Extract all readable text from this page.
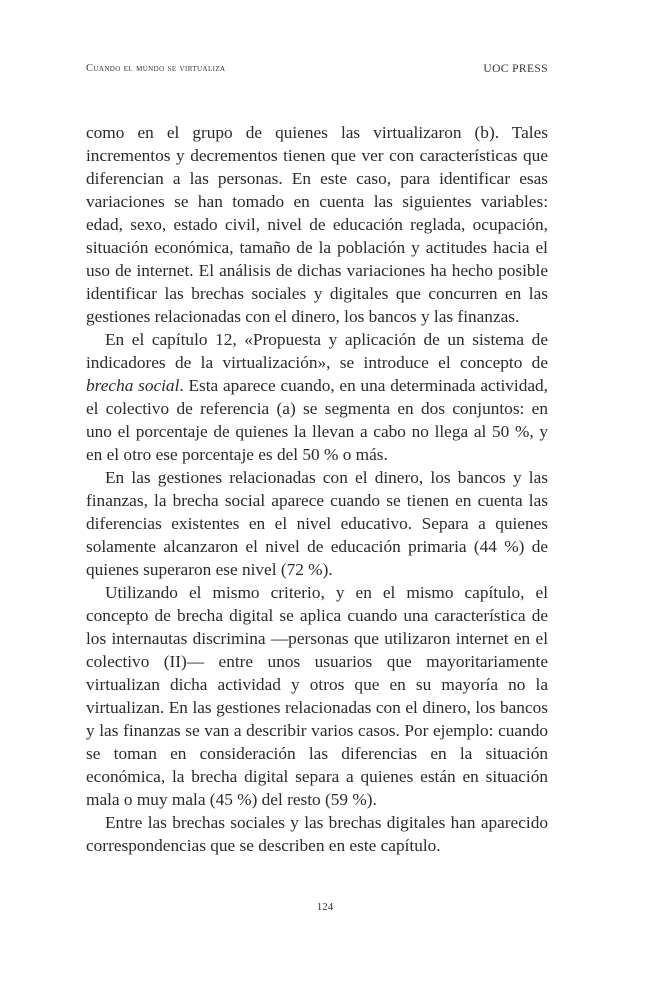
Cuando el mundo se virtualiza	UOC PRESS

como en el grupo de quienes las virtualizaron (b). Tales incrementos y decrementos tienen que ver con características que diferencian a las personas. En este caso, para identificar esas variaciones se han tomado en cuenta las siguientes variables: edad, sexo, estado civil, nivel de educación reglada, ocupación, situación económica, tamaño de la población y actitudes hacia el uso de internet. El análisis de dichas variaciones ha hecho posible identificar las brechas sociales y digitales que concurren en las gestiones relacionadas con el dinero, los bancos y las finanzas.

En el capítulo 12, «Propuesta y aplicación de un sistema de indicadores de la virtualización», se introduce el concepto de brecha social. Esta aparece cuando, en una determinada actividad, el colectivo de referencia (a) se segmenta en dos conjuntos: en uno el porcentaje de quienes la llevan a cabo no llega al 50 %, y en el otro ese porcentaje es del 50 % o más.

En las gestiones relacionadas con el dinero, los bancos y las finanzas, la brecha social aparece cuando se tienen en cuenta las diferencias existentes en el nivel educativo. Separa a quienes solamente alcanzaron el nivel de educación primaria (44 %) de quienes superaron ese nivel (72 %).

Utilizando el mismo criterio, y en el mismo capítulo, el concepto de brecha digital se aplica cuando una característica de los internautas discrimina —personas que utilizaron internet en el colectivo (II)— entre unos usuarios que mayoritariamente virtualizan dicha actividad y otros que en su mayoría no la virtualizan. En las gestiones relacionadas con el dinero, los bancos y las finanzas se van a describir varios casos. Por ejemplo: cuando se toman en consideración las diferencias en la situación económica, la brecha digital separa a quienes están en situación mala o muy mala (45 %) del resto (59 %).

Entre las brechas sociales y las brechas digitales han aparecido correspondencias que se describen en este capítulo.

124
